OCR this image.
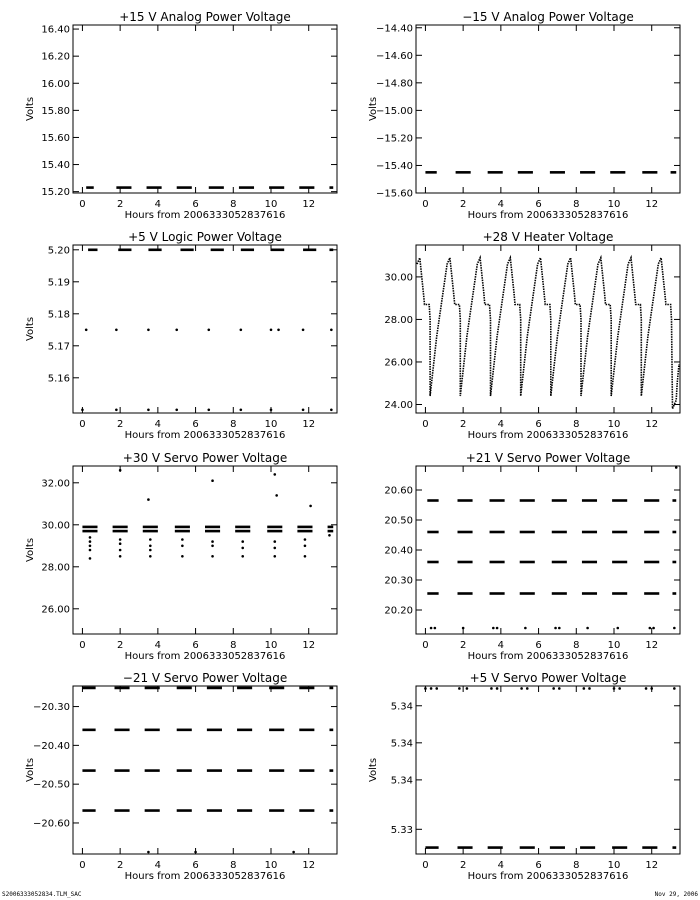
+15 V Analog Power Voltage
Hours from 2006333052837616
Volts
0	2	4	6	8	10 12
15.20
15.40
15.60
15.80
16.00
16.20
16.40
−15 V Analog Power Voltage
Hours from 2006333052837616
Volts
0	2	4	6	8	10 12
−15.60
−15.40
−15.20
−15.00
−14.80
−14.60
−14.40
+5 V Logic Power Voltage
Hours from 2006333052837616
Volts
0	2	4	6	8	10 12
5.16
5.17
5.18
5.19
5.20
+28 V Heater Voltage
Hours from 2006333052837616
0	2	4	6	8	10 12
24.00
26.00
28.00
30.00
+30 V Servo Power Voltage
Hours from 2006333052837616
Volts
0	2	4	6	8	10 12
26.00
28.00
30.00
32.00
+21 V Servo Power Voltage
Hours from 2006333052837616
0	2	4	6	8	10 12
20.20
20.30
20.40
20.50
20.60
−21 V Servo Power Voltage
Hours from 2006333052837616
Volts
0	2	4	6	8	10 12
−20.60
−20.50
−20.40
−20.30
+5 V Servo Power Voltage
Hours from 2006333052837616
Volts
0	2	4	6	8	10 12
5.33
5.34
5.34
5.34
S2006333052834.TLM_SAC	Nov 29, 2006
